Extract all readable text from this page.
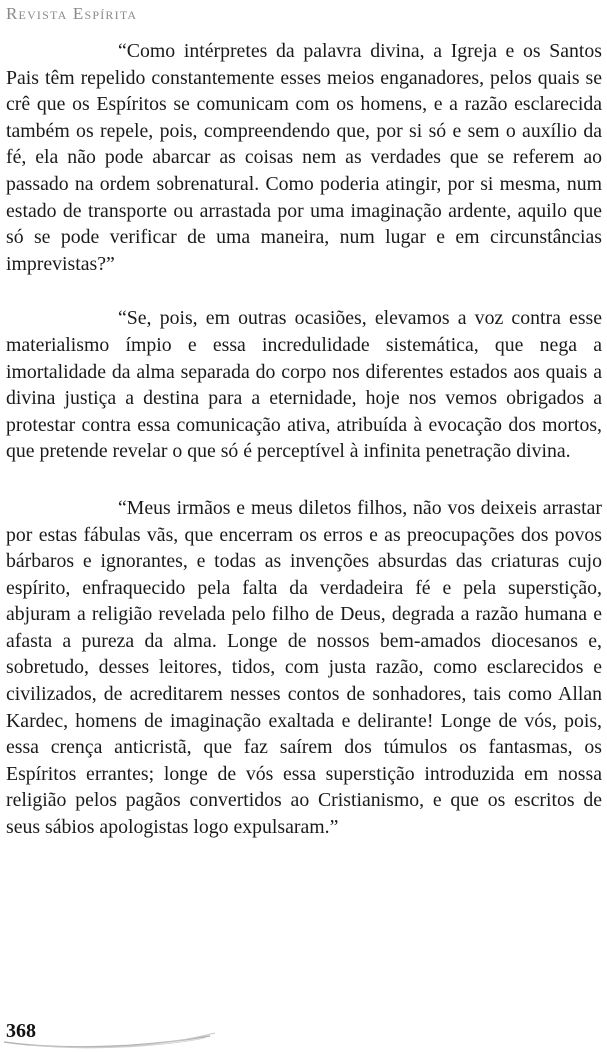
Revista Espírita

“Como intérpretes da palavra divina, a Igreja e os Santos Pais têm repelido constantemente esses meios enganadores, pelos quais se crê que os Espíritos se comunicam com os homens, e a razão esclarecida também os repele, pois, compreendendo que, por si só e sem o auxílio da fé, ela não pode abarcar as coisas nem as verdades que se referem ao passado na ordem sobrenatural. Como poderia atingir, por si mesma, num estado de transporte ou arrastada por uma imaginação ardente, aquilo que só se pode verificar de uma maneira, num lugar e em circunstâncias imprevistas?”

“Se, pois, em outras ocasiões, elevamos a voz contra esse materialismo ímpio e essa incredulidade sistemática, que nega a imortalidade da alma separada do corpo nos diferentes estados aos quais a divina justiça a destina para a eternidade, hoje nos vemos obrigados a protestar contra essa comunicação ativa, atribuída à evocação dos mortos, que pretende revelar o que só é perceptível à infinita penetração divina.

“Meus irmãos e meus diletos filhos, não vos deixeis arrastar por estas fábulas vãs, que encerram os erros e as preocupações dos povos bárbaros e ignorantes, e todas as invenções absurdas das criaturas cujo espírito, enfraquecido pela falta da verdadeira fé e pela superstição, abjuram a religião revelada pelo filho de Deus, degrada a razão humana e afasta a pureza da alma. Longe de nossos bem-amados diocesanos e, sobretudo, desses leitores, tidos, com justa razão, como esclarecidos e civilizados, de acreditarem nesses contos de sonhadores, tais como Allan Kardec, homens de imaginação exaltada e delirante! Longe de vós, pois, essa crença anticristã, que faz saírem dos túmulos os fantasmas, os Espíritos errantes; longe de vós essa superstição introduzida em nossa religião pelos pagãos convertidos ao Cristianismo, e que os escritos de seus sábios apologistas logo expulsaram.”

368
